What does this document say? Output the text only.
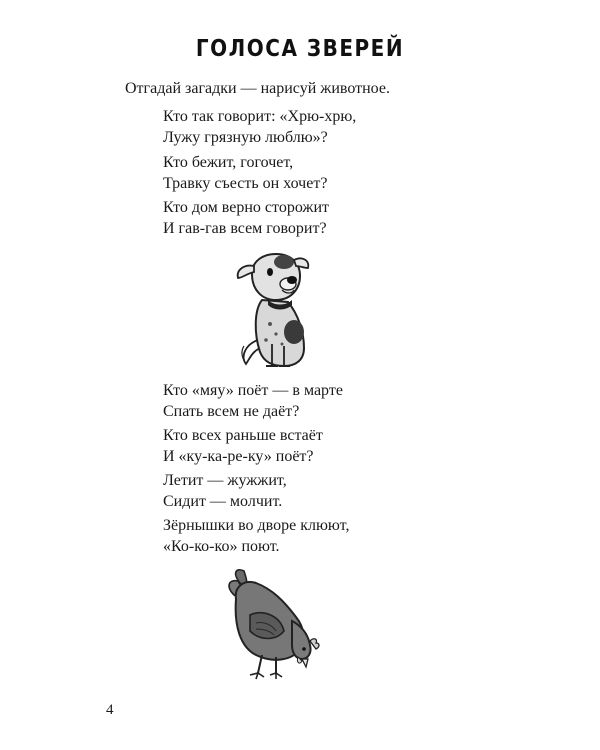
ГОЛОСА ЗВЕРЕЙ
Отгадай загадки — нарисуй животное.
Кто так говорит: «Хрю-хрю,
Лужу грязную люблю»?
Кто бежит, гогочет,
Травку съесть он хочет?
Кто дом верно сторожит
И гав-гав всем говорит?
Кто «мяу» поёт — в марте
Спать всем не даёт?
Кто всех раньше встаёт
И «ку-ка-ре-ку» поёт?
Летит — жужжит,
Сидит — молчит.
Зёрнышки во дворе клюют,
«Ко-ко-ко» поют.
4
